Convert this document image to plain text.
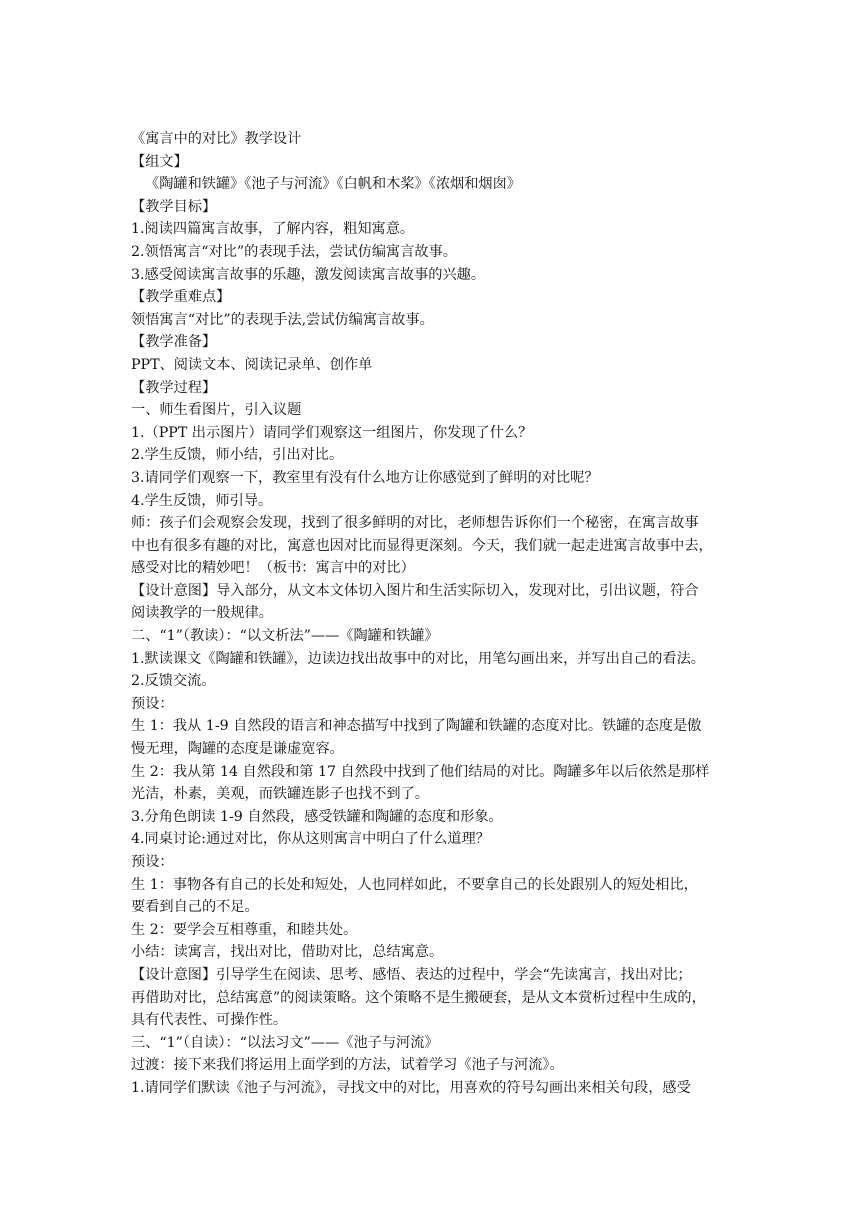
《寓言中的对比》教学设计
【组文】
《陶罐和铁罐》《池子与河流》《白帆和木桨》《浓烟和烟囱》
【教学目标】
1.阅读四篇寓言故事，了解内容，粗知寓意。
2.领悟寓言“对比”的表现手法，尝试仿编寓言故事。
3.感受阅读寓言故事的乐趣，激发阅读寓言故事的兴趣。
【教学重难点】
领悟寓言“对比”的表现手法,尝试仿编寓言故事。
【教学准备】
PPT、阅读文本、阅读记录单、创作单
【教学过程】
一、师生看图片，引入议题
1.（PPT 出示图片）请同学们观察这一组图片，你发现了什么？
2.学生反馈，师小结，引出对比。
3.请同学们观察一下，教室里有没有什么地方让你感觉到了鲜明的对比呢？
4.学生反馈，师引导。
师：孩子们会观察会发现，找到了很多鲜明的对比，老师想告诉你们一个秘密，在寓言故事
中也有很多有趣的对比，寓意也因对比而显得更深刻。今天，我们就一起走进寓言故事中去，
感受对比的精妙吧！（板书：寓言中的对比）
【设计意图】导入部分，从文本文体切入图片和生活实际切入，发现对比，引出议题，符合
阅读教学的一般规律。
二、“1”（教读）：“以文析法”——《陶罐和铁罐》
1.默读课文《陶罐和铁罐》，边读边找出故事中的对比，用笔勾画出来，并写出自己的看法。
2.反馈交流。
预设：
生 1：我从 1-9 自然段的语言和神态描写中找到了陶罐和铁罐的态度对比。铁罐的态度是傲
慢无理，陶罐的态度是谦虚宽容。
生 2：我从第 14 自然段和第 17 自然段中找到了他们结局的对比。陶罐多年以后依然是那样
光洁，朴素，美观，而铁罐连影子也找不到了。
3.分角色朗读 1-9 自然段，感受铁罐和陶罐的态度和形象。
4.同桌讨论:通过对比，你从这则寓言中明白了什么道理？
预设：
生 1：事物各有自己的长处和短处，人也同样如此，不要拿自己的长处跟别人的短处相比，
要看到自己的不足。
生 2：要学会互相尊重，和睦共处。
小结：读寓言，找出对比，借助对比，总结寓意。
【设计意图】引导学生在阅读、思考、感悟、表达的过程中，学会“先读寓言，找出对比；
再借助对比，总结寓意”的阅读策略。这个策略不是生搬硬套，是从文本赏析过程中生成的，
具有代表性、可操作性。
三、“1”（自读）：“以法习文”——《池子与河流》
过渡：接下来我们将运用上面学到的方法，试着学习《池子与河流》。
1.请同学们默读《池子与河流》，寻找文中的对比，用喜欢的符号勾画出来相关句段，感受
